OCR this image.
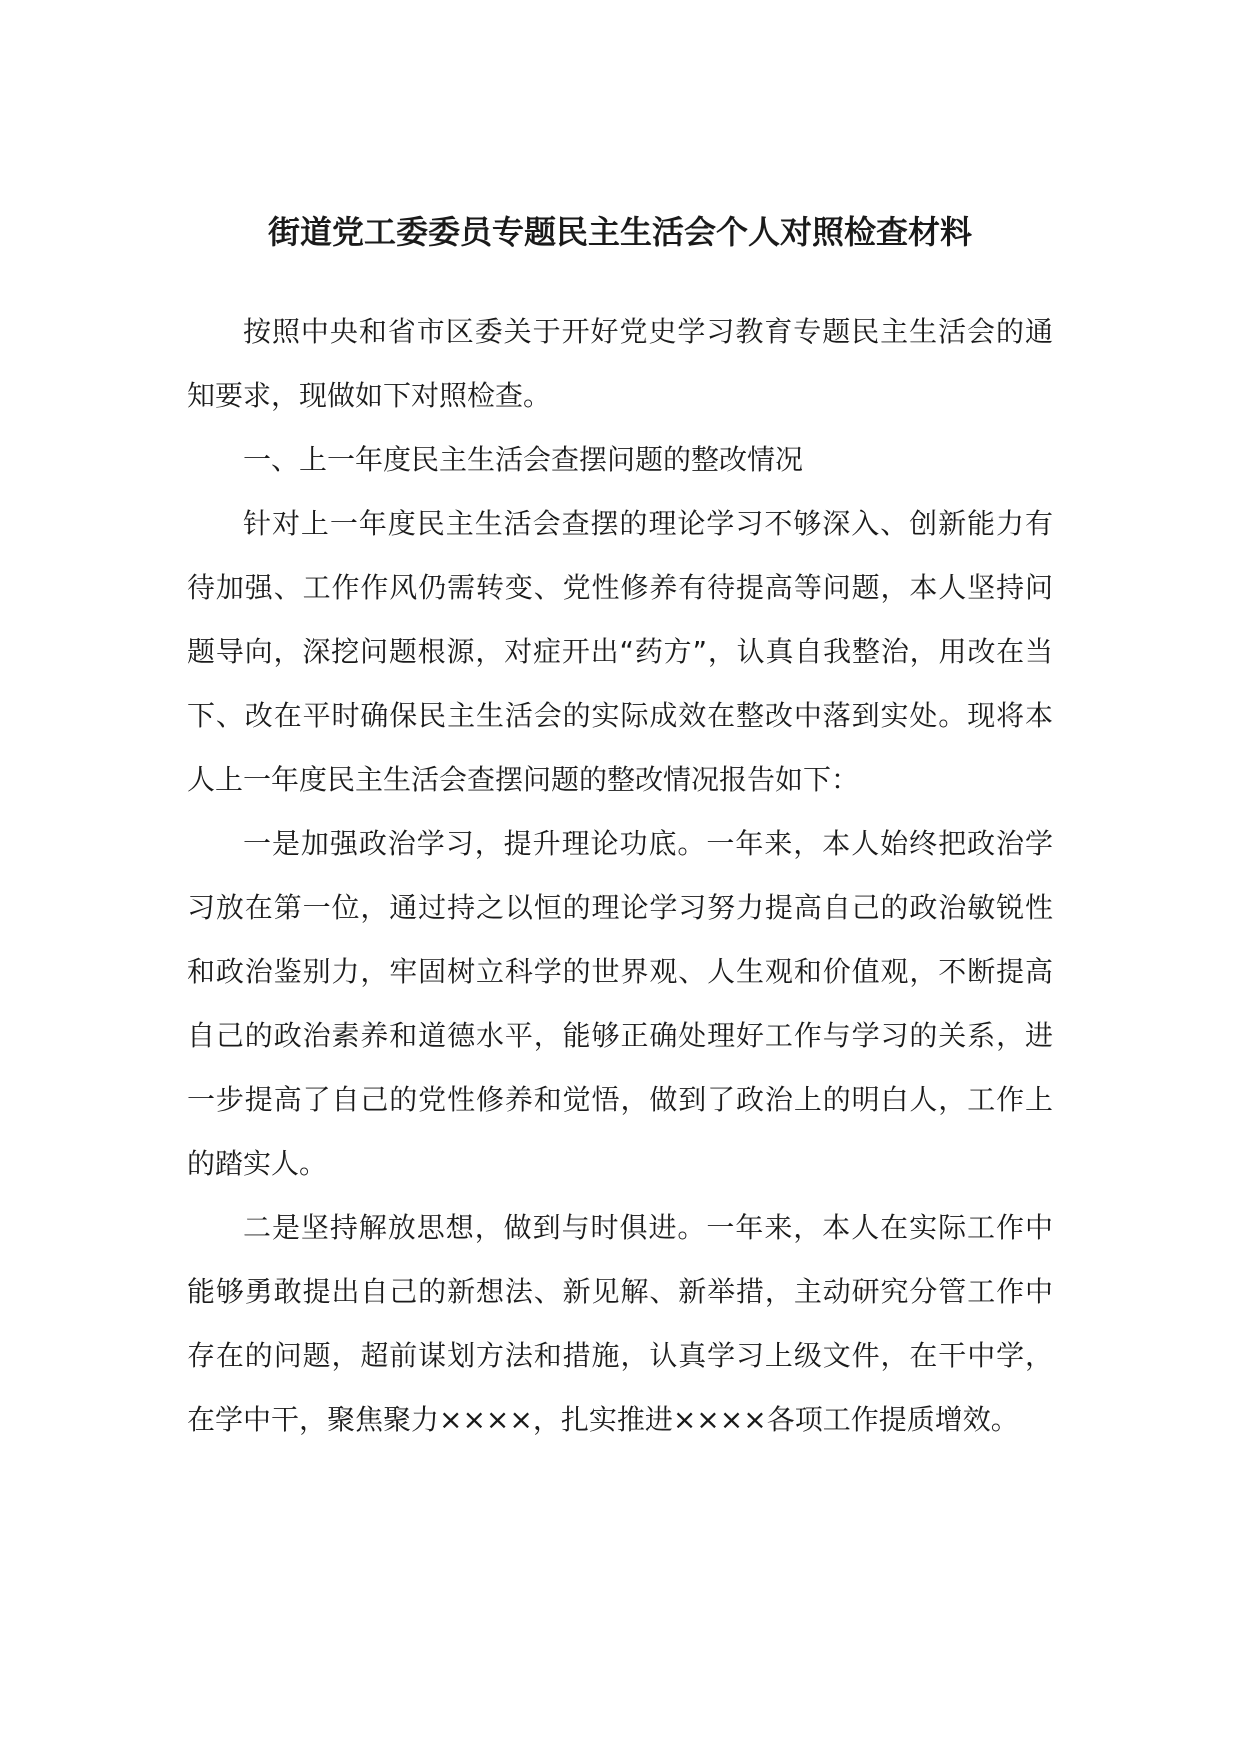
街道党工委委员专题民主生活会个人对照检查材料

按照中央和省市区委关于开好党史学习教育专题民主生活会的通知要求，现做如下对照检查。

一、上一年度民主生活会查摆问题的整改情况

针对上一年度民主生活会查摆的理论学习不够深入、创新能力有待加强、工作作风仍需转变、党性修养有待提高等问题，本人坚持问题导向，深挖问题根源，对症开出“药方”，认真自我整治，用改在当下、改在平时确保民主生活会的实际成效在整改中落到实处。现将本人上一年度民主生活会查摆问题的整改情况报告如下：

一是加强政治学习，提升理论功底。一年来，本人始终把政治学习放在第一位，通过持之以恒的理论学习努力提高自己的政治敏锐性和政治鉴别力，牢固树立科学的世界观、人生观和价值观，不断提高自己的政治素养和道德水平，能够正确处理好工作与学习的关系，进一步提高了自己的党性修养和觉悟，做到了政治上的明白人，工作上的踏实人。

二是坚持解放思想，做到与时俱进。一年来，本人在实际工作中能够勇敢提出自己的新想法、新见解、新举措，主动研究分管工作中存在的问题，超前谋划方法和措施，认真学习上级文件，在干中学，在学中干，聚焦聚力××××，扎实推进××××各项工作提质增效。
